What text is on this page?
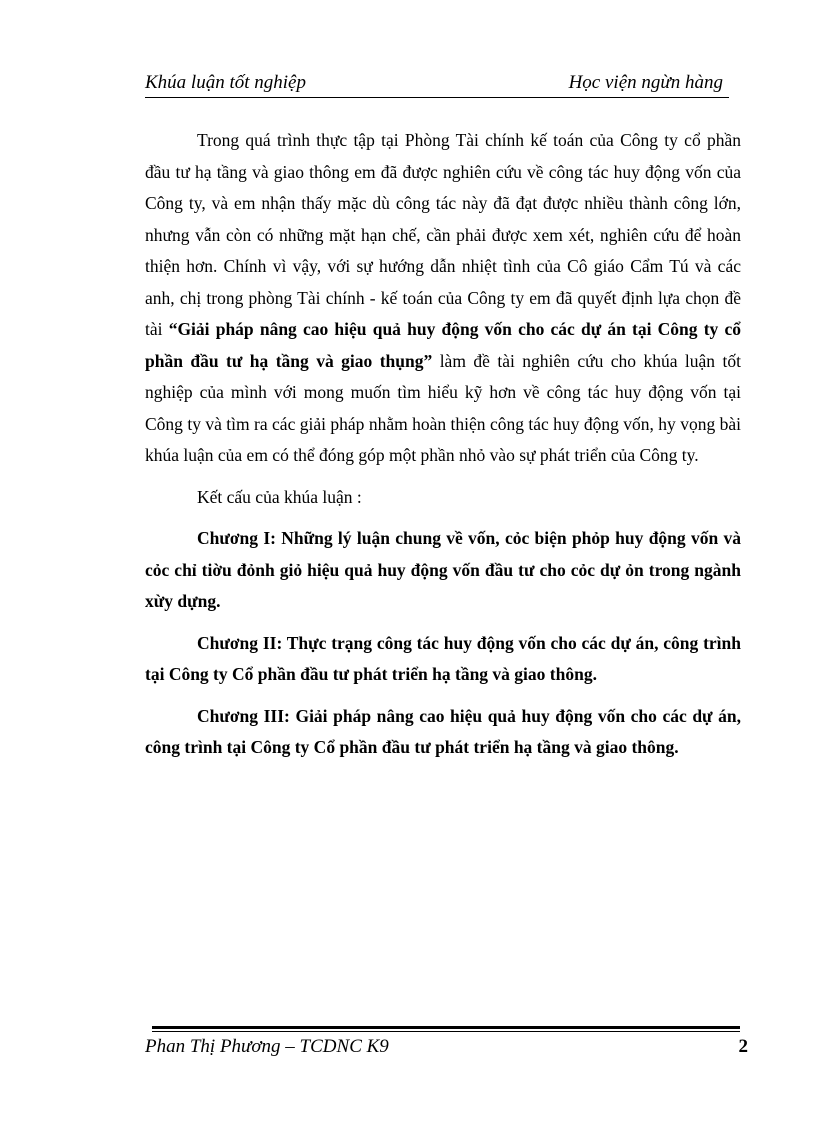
Khúa luận tốt nghiệp	Học viện ngừn hàng

Trong quá trình thực tập tại Phòng Tài chính kế toán của Công ty cổ phần đầu tư hạ tầng và giao thông em đã được nghiên cứu về công tác huy động vốn của Công ty, và em nhận thấy mặc dù công tác này đã đạt được nhiều thành công lớn, nhưng vẫn còn có những mặt hạn chế, cần phải được xem xét, nghiên cứu để hoàn thiện hơn. Chính vì vậy, với sự hướng dẫn nhiệt tình của Cô giáo Cẩm Tú và các anh, chị trong phòng Tài chính - kế toán của Công ty em đã quyết định lựa chọn đề tài “Giải pháp nâng cao hiệu quả huy động vốn cho các dự án tại Công ty cổ phần đầu tư hạ tầng và giao thụng” làm đề tài nghiên cứu cho khúa luận tốt nghiệp của mình với mong muốn tìm hiểu kỹ hơn về công tác huy động vốn tại Công ty và tìm ra các giải pháp nhằm hoàn thiện công tác huy động vốn, hy vọng bài khúa luận của em có thể đóng góp một phần nhỏ vào sự phát triển của Công ty.

Kết cấu của khúa luận :

Chương I: Những lý luận chung về vốn, cỏc biện phỏp huy động vốn và cỏc chỉ tiờu đỏnh giỏ hiệu quả huy động vốn đầu tư cho cỏc dự ỏn trong ngành xừy dựng.

Chương II: Thực trạng công tác huy động vốn cho các dự án, công trình tại Công ty Cổ phần đầu tư phát triển hạ tầng và giao thông.

Chương III: Giải pháp nâng cao hiệu quả huy động vốn cho các dự án, công trình tại Công ty Cổ phần đầu tư phát triển hạ tầng và giao thông.

Phan Thị Phương – TCDNC K9	2
